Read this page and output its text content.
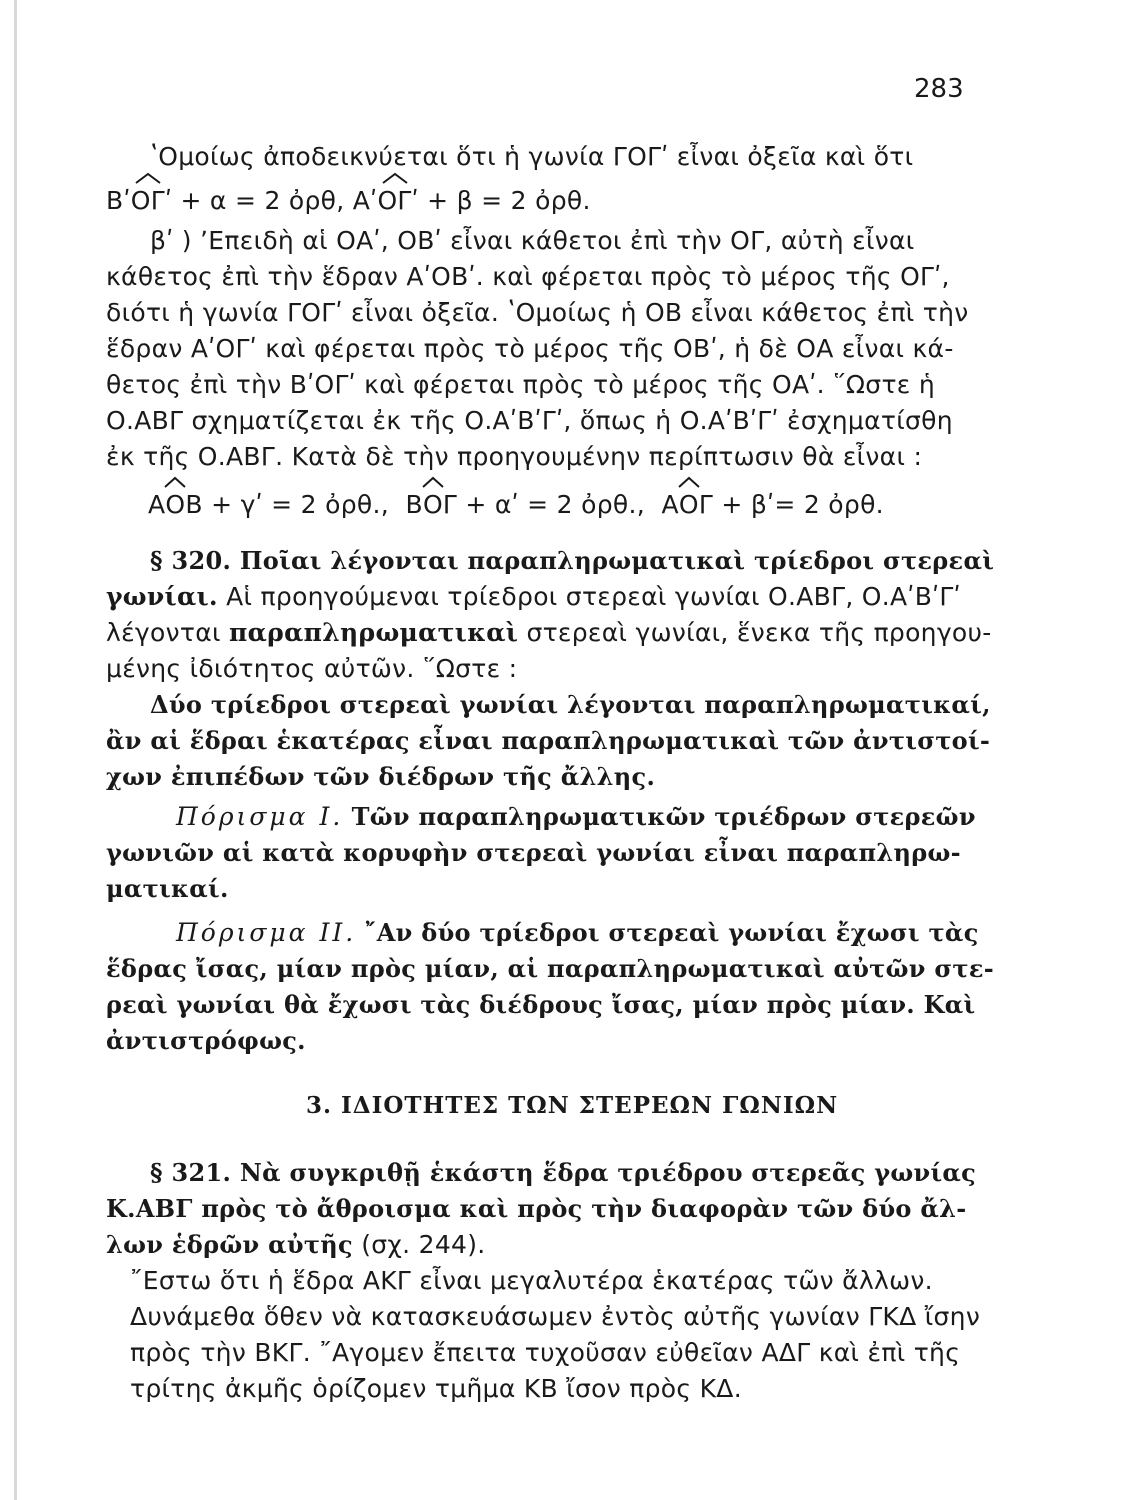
283
ʽΟμοίως ἀποδεικνύεται ὅτι ἡ γωνία ΓΟΓʹ εἶναι ὀξεῖα καὶ ὅτι
Βʹ
ΟΓʹ + α = 2 ὀρθ, Αʹ
ΟΓʹ + β = 2 ὀρθ.
βʹ ) ʼΕπειδὴ αἱ ΟΑʹ, ΟΒʹ εἶναι κάθετοι ἐπὶ τὴν ΟΓ, αὐτὴ εἶναι
κάθετος ἐπὶ τὴν ἕδραν ΑʹΟΒʹ. καὶ φέρεται πρὸς τὸ μέρος τῆς ΟΓʹ,
διότι ἡ γωνία ΓΟΓʹ εἶναι ὀξεῖα. ʽΟμοίως ἡ ΟΒ εἶναι κάθετος ἐπὶ τὴν
ἕδραν ΑʹΟΓʹ καὶ φέρεται πρὸς τὸ μέρος τῆς ΟΒʹ, ἡ δὲ ΟΑ εἶναι κά-
θετος ἐπὶ τὴν ΒʹΟΓʹ καὶ φέρεται πρὸς τὸ μέρος τῆς ΟΑʹ. ῞Ωστε ἡ
Ο.ΑΒΓ σχηματίζεται ἐκ τῆς Ο.ΑʹΒʹΓʹ, ὅπως ἡ Ο.ΑʹΒʹΓʹ ἐσχηματίσθη
ἐκ τῆς Ο.ΑΒΓ. Κατὰ δὲ τὴν προηγουμένην περίπτωσιν θὰ εἶναι :
Α
ΟΒ + γʹ = 2 ὀρθ., Β
ΟΓ + αʹ = 2 ὀρθ., Α
ΟΓ + βʹ= 2 ὀρθ.
§ 320. Ποῖαι λέγονται παραπληρωματικαὶ τρίεδροι στερεαὶ
γωνίαι. Αἱ προηγούμεναι τρίεδροι στερεαὶ γωνίαι Ο.ΑΒΓ, Ο.ΑʹΒʹΓʹ
λέγονται παραπληρωματικαὶ στερεαὶ γωνίαι, ἕνεκα τῆς προηγου-
μένης ἰδιότητος αὐτῶν. ῞Ωστε :
Δύο τρίεδροι στερεαὶ γωνίαι λέγονται παραπληρωματικαί,
ἂν αἱ ἕδραι ἑκατέρας εἶναι παραπληρωματικαὶ τῶν ἀντιστοί-
χων ἐπιπέδων τῶν διέδρων τῆς ἄλλης.
Πόρισμα Ι. Τῶν παραπληρωματικῶν τριέδρων στερεῶν
γωνιῶν αἱ κατὰ κορυφὴν στερεαὶ γωνίαι εἶναι παραπληρω-
ματικαί.
Πόρισμα ΙΙ. ῎Αν δύο τρίεδροι στερεαὶ γωνίαι ἔχωσι τὰς
ἕδρας ἴσας, μίαν πρὸς μίαν, αἱ παραπληρωματικαὶ αὐτῶν στε-
ρεαὶ γωνίαι θὰ ἔχωσι τὰς διέδρους ἴσας, μίαν πρὸς μίαν. Καὶ
ἀντιστρόφως.
3. ΙΔΙΟΤΗΤΕΣ ΤΩΝ ΣΤΕΡΕΩΝ ΓΩΝΙΩΝ
§ 321. Νὰ συγκριθῇ ἑκάστη ἕδρα τριέδρου στερεᾶς γωνίας
Κ.ΑΒΓ πρὸς τὸ ἄθροισμα καὶ πρὸς τὴν διαφορὰν τῶν δύο ἄλ-
λων ἑδρῶν αὐτῆς (σχ. 244).
῎Εστω ὅτι ἡ ἕδρα ΑΚΓ εἶναι μεγαλυτέρα ἑκατέρας τῶν ἄλλων.
Δυνάμεθα ὅθεν νὰ κατασκευάσωμεν ἐντὸς αὐτῆς γωνίαν ΓΚΔ ἴσην
πρὸς τὴν ΒΚΓ. ῎Αγομεν ἔπειτα τυχοῦσαν εὐθεῖαν ΑΔΓ καὶ ἐπὶ τῆς
τρίτης ἀκμῆς ὁρίζομεν τμῆμα ΚΒ ἴσον πρὸς ΚΔ.
